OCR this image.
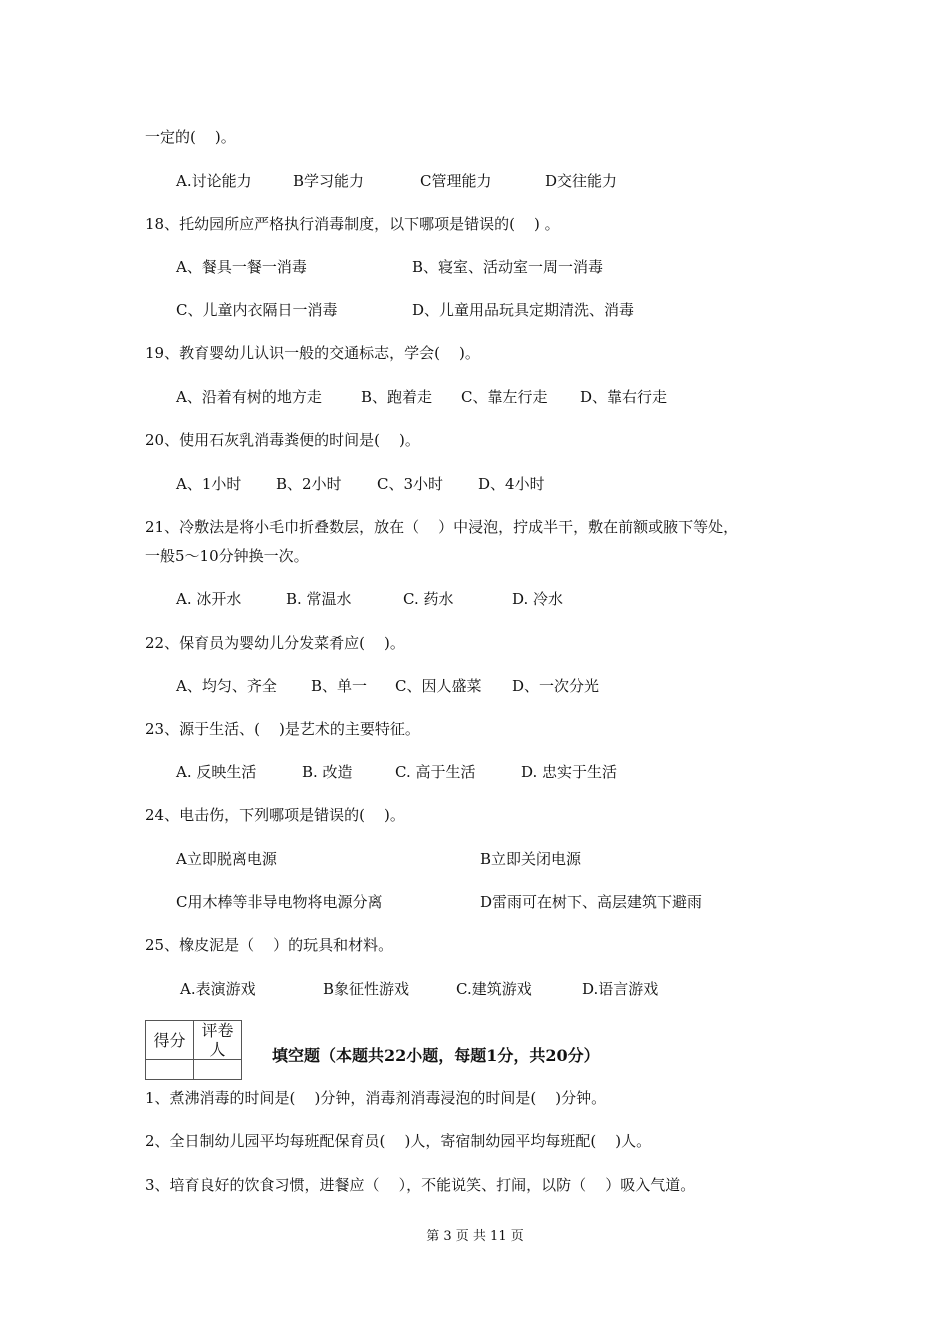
一定的(    )。
A.讨论能力	B学习能力	C管理能力	D交往能力
18、托幼园所应严格执行消毒制度，以下哪项是错误的(    ) 。
A、餐具一餐一消毒	B、寝室、活动室一周一消毒
C、儿童内衣隔日一消毒	D、儿童用品玩具定期清洗、消毒
19、教育婴幼儿认识一般的交通标志，学会(    )。
A、沿着有树的地方走	B、跑着走 C、靠左行走 D、靠右行走
20、使用石灰乳消毒粪便的时间是(    )。
A、1小时 B、2小时 C、3小时 D、4小时
21、冷敷法是将小毛巾折叠数层，放在（    ）中浸泡，拧成半干，敷在前额或腋下等处，
一般5～10分钟换一次。
A. 冰开水	B. 常温水	C. 药水	D. 冷水
22、保育员为婴幼儿分发菜肴应(    )。
A、均匀、齐全 B、单一 C、因人盛菜 D、一次分光
23、源于生活、(    )是艺术的主要特征。
A. 反映生活	B. 改造	C. 高于生活	D. 忠实于生活
24、电击伤，下列哪项是错误的(    )。
A立即脱离电源	B立即关闭电源
C用木棒等非导电物将电源分离	D雷雨可在树下、高层建筑下避雨
25、橡皮泥是（    ）的玩具和材料。
A.表演游戏	B象征性游戏	C.建筑游戏	D.语言游戏
得分	评卷人
		填空题（本题共22小题，每题1分，共20分）
1、煮沸消毒的时间是(    )分钟，消毒剂消毒浸泡的时间是(    )分钟。
2、全日制幼儿园平均每班配保育员(    )人，寄宿制幼园平均每班配(    )人。
3、培育良好的饮食习惯，进餐应（    ），不能说笑、打闹，以防（    ）吸入气道。
第 3 页 共 11 页
